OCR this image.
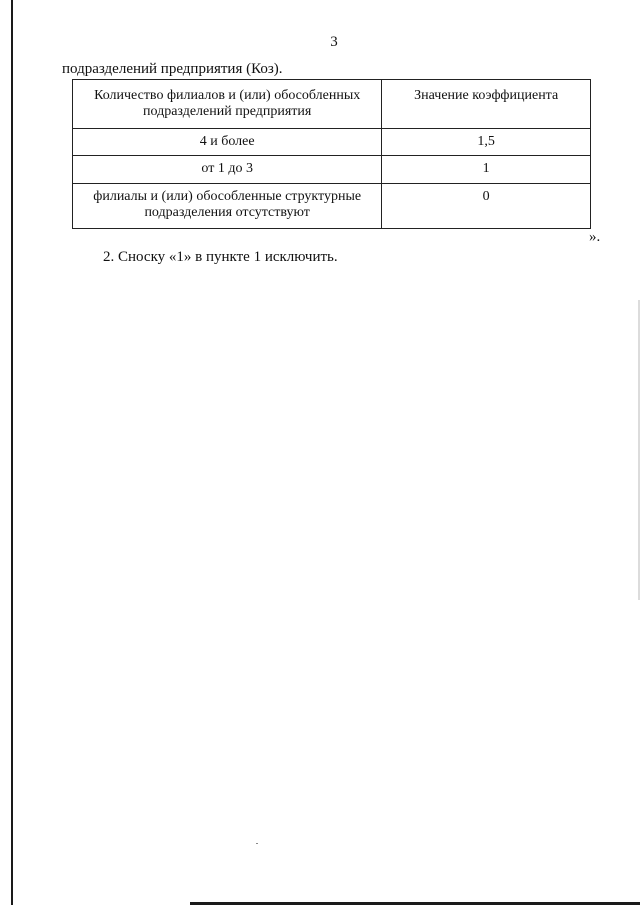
3
подразделений предприятия (Коз).
Количество филиалов и (или) обособленных подразделений предприятия	Значение коэффициента

4 и более	1,5

от 1 до 3	1

филиалы и (или) обособленные структурные подразделения отсутствуют	0
».
2. Сноску «1» в пункте 1 исключить.
